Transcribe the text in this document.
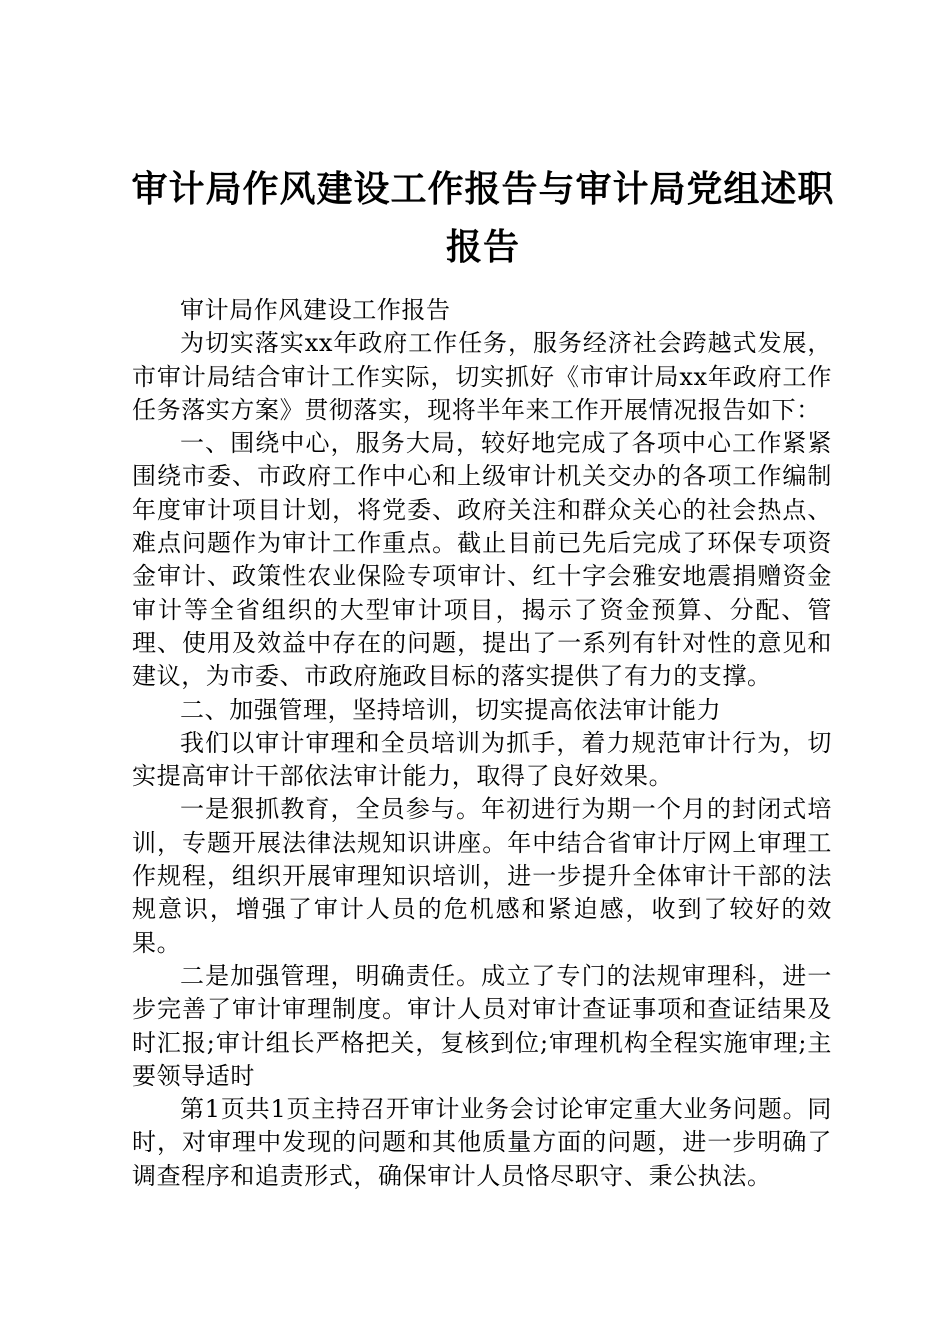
审计局作风建设工作报告与审计局党组述职报告

审计局作风建设工作报告

为切实落实xx年政府工作任务，服务经济社会跨越式发展，市审计局结合审计工作实际，切实抓好《市审计局xx年政府工作任务落实方案》贯彻落实，现将半年来工作开展情况报告如下：

一、围绕中心，服务大局，较好地完成了各项中心工作紧紧围绕市委、市政府工作中心和上级审计机关交办的各项工作编制年度审计项目计划，将党委、政府关注和群众关心的社会热点、难点问题作为审计工作重点。截止目前已先后完成了环保专项资金审计、政策性农业保险专项审计、红十字会雅安地震捐赠资金审计等全省组织的大型审计项目，揭示了资金预算、分配、管理、使用及效益中存在的问题，提出了一系列有针对性的意见和建议，为市委、市政府施政目标的落实提供了有力的支撑。

二、加强管理，坚持培训，切实提高依法审计能力

我们以审计审理和全员培训为抓手，着力规范审计行为，切实提高审计干部依法审计能力，取得了良好效果。

一是狠抓教育，全员参与。年初进行为期一个月的封闭式培训，专题开展法律法规知识讲座。年中结合省审计厅网上审理工作规程，组织开展审理知识培训，进一步提升全体审计干部的法规意识，增强了审计人员的危机感和紧迫感，收到了较好的效果。

二是加强管理，明确责任。成立了专门的法规审理科，进一步完善了审计审理制度。审计人员对审计查证事项和查证结果及时汇报;审计组长严格把关，复核到位;审理机构全程实施审理;主要领导适时

第1页共1页主持召开审计业务会讨论审定重大业务问题。同时，对审理中发现的问题和其他质量方面的问题，进一步明确了调查程序和追责形式，确保审计人员恪尽职守、秉公执法。
